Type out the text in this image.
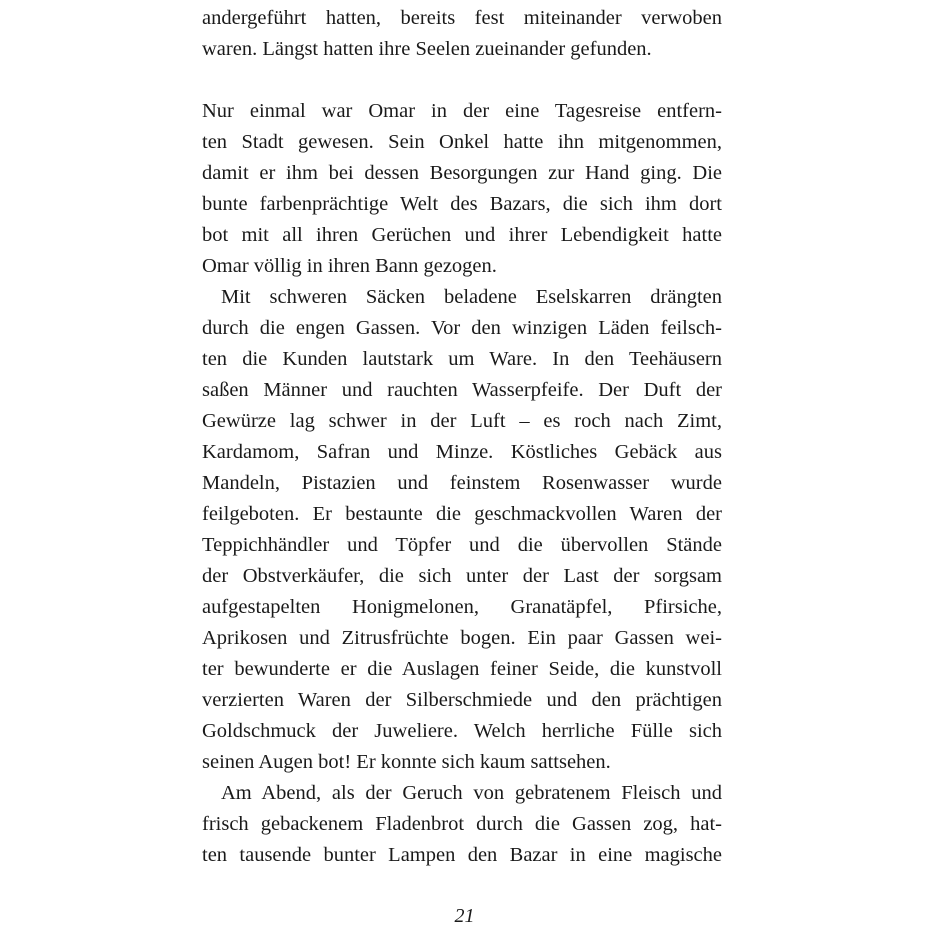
andergeführt hatten, bereits fest miteinander verwoben
waren. Längst hatten ihre Seelen zueinander gefunden.
Nur einmal war Omar in der eine Tagesreise entfern-
ten Stadt gewesen. Sein Onkel hatte ihn mitgenommen,
damit er ihm bei dessen Besorgungen zur Hand ging. Die
bunte farbenprächtige Welt des Bazars, die sich ihm dort
bot mit all ihren Gerüchen und ihrer Lebendigkeit hatte
Omar völlig in ihren Bann gezogen.
Mit schweren Säcken beladene Eselskarren drängten
durch die engen Gassen. Vor den winzigen Läden feilsch-
ten die Kunden lautstark um Ware. In den Teehäusern
saßen Männer und rauchten Wasserpfeife. Der Duft der
Gewürze lag schwer in der Luft – es roch nach Zimt,
Kardamom, Safran und Minze. Köstliches Gebäck aus
Mandeln, Pistazien und feinstem Rosenwasser wurde
feilgeboten. Er bestaunte die geschmackvollen Waren der
Teppichhändler und Töpfer und die übervollen Stände
der Obstverkäufer, die sich unter der Last der sorgsam
aufgestapelten Honigmelonen, Granatäpfel, Pfirsiche,
Aprikosen und Zitrusfrüchte bogen. Ein paar Gassen wei-
ter bewunderte er die Auslagen feiner Seide, die kunstvoll
verzierten Waren der Silberschmiede und den prächtigen
Goldschmuck der Juweliere. Welch herrliche Fülle sich
seinen Augen bot! Er konnte sich kaum sattsehen.
Am Abend, als der Geruch von gebratenem Fleisch und
frisch gebackenem Fladenbrot durch die Gassen zog, hat-
ten tausende bunter Lampen den Bazar in eine magische
21
